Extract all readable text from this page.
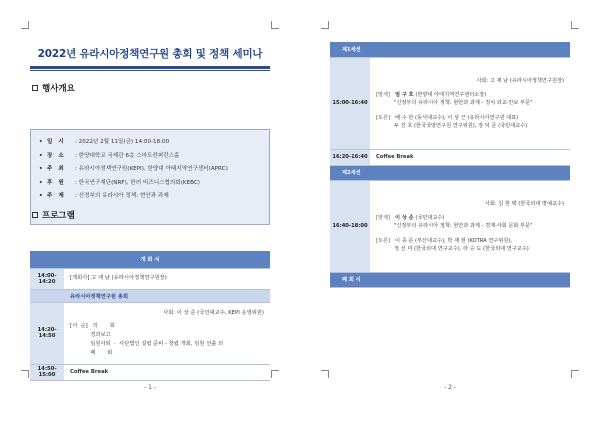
2022년 유라시아정책연구원 총회 및 정책 세미나
행사개요
• 일 시	: 2022년 2월 11일(금) 14:00-18:00
• 장 소	: 한양대학교 국제관 6층 스마트컨퍼런스홀
• 주 최	: 유라시아정책연구원(KEPI), 한양대 아태지역연구센터(APRC)
• 후 원	: 한국연구재단(NRF), 한러 비즈니스협의회(KEBC)
• 주 제	: 신정부의 유라시아 정책: 현안과 과제
프로그램
개 회 식	
14:00-14:20	[개회사] 고 재 남 (유라시아정책연구원장)
유라시아정책연구원 총회	
14:20-14:50	사회: 이 상 준 (국민대교수, KEPI 운영위원)
[서  순]   의       회
경과보고
임원사퇴  ·  사단법인 설립 준비 - 창립 개회, 임원 선출 외
폐       회

14:50-15:00	Coffee Break
- 1 -
제1세션	
15:00-16:40	사회: 고 재 남 (유라시아정책연구원장)
[발제] 엄 구 호 (한양대 아태지역연구센터소장)
"신정부의 유라시아 정책: 현안과 과제 - 정치·외교·안보 부문"
[토론] 배 수 한 (동서대교수), 이 상 근 (유라시아연구원 대표)
두 진 호 (한국국방연구원 연구위원), 장 덕 준 (국민대교수)

16:20-16:40	Coffee Break
제2세션	
16:40-18:00	사회: 김 현 택 (한국외대 명예교수)
[발제] 이 상 준 (국민대교수)
"신정부의 유라시아 정책: 현안과 과제 - 경제·사회 문화 부문"
[토론] 이 종 문 (부산대교수), 박 재 현 (KOTRA 연구위원),
정 선 미 (한국외대 연구교수), 라 승 도 (한국외대 연구교수)

폐 회 식	
- 2 -
